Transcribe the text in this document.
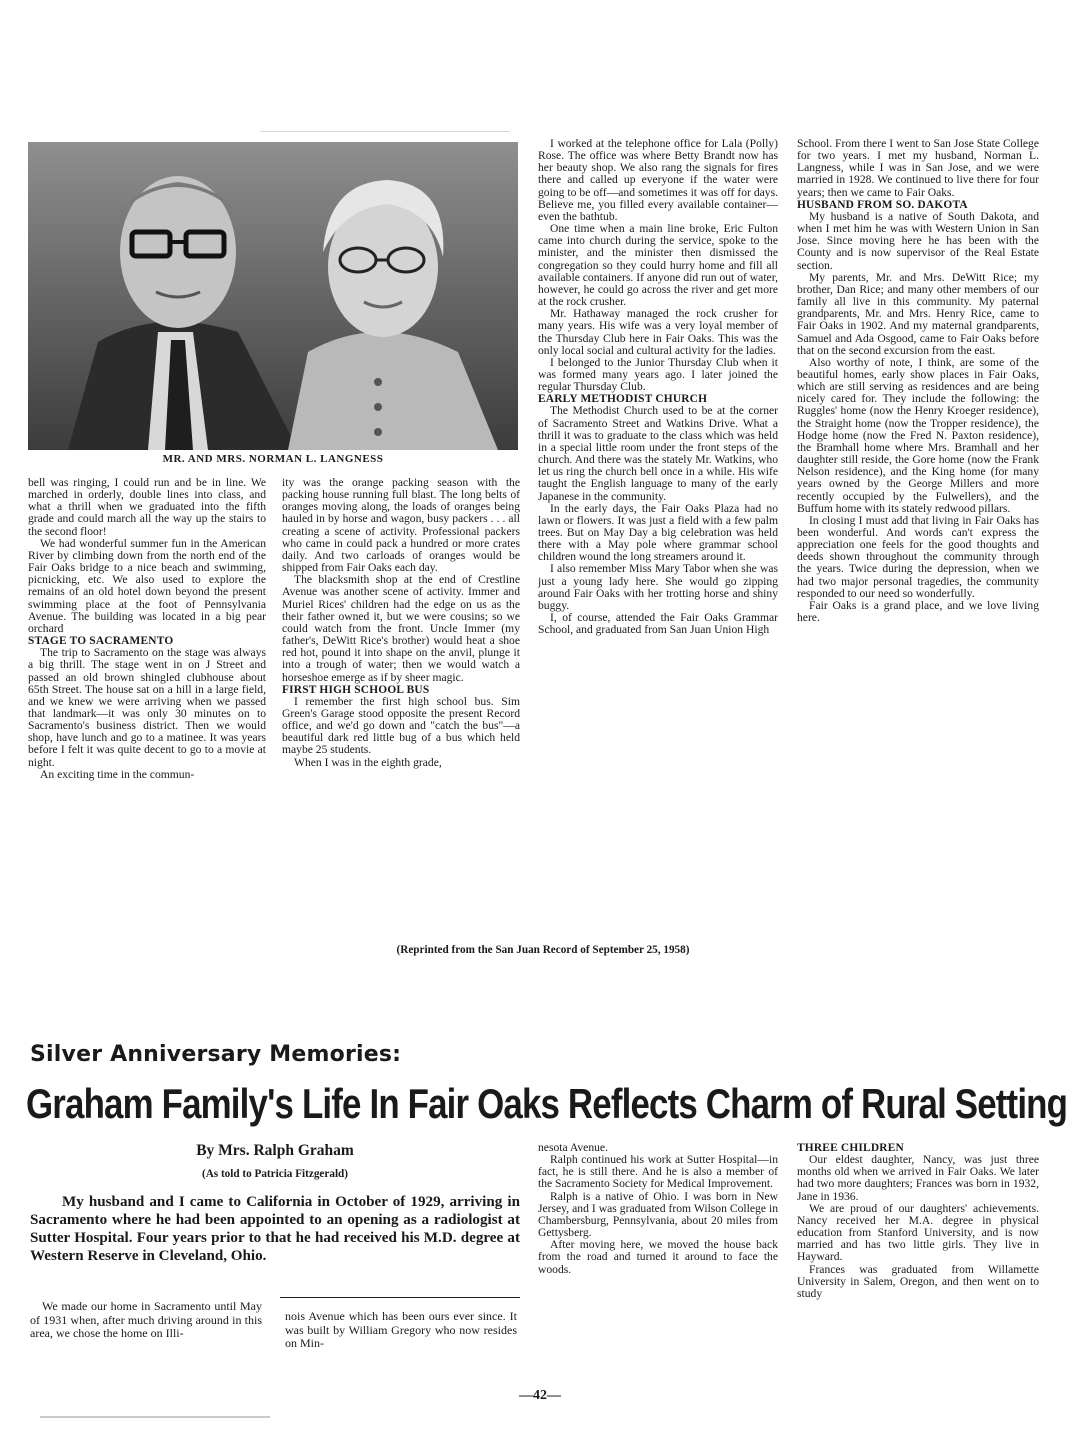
MR. AND MRS. NORMAN L. LANGNESS

bell was ringing, I could run and be in line. We marched in orderly, double lines into class, and what a thrill when we graduated into the fifth grade and could march all the way up the stairs to the second floor!

We had wonderful summer fun in the American River by climbing down from the north end of the Fair Oaks bridge to a nice beach and swimming, picnicking, etc. We also used to explore the remains of an old hotel down beyond the present swimming place at the foot of Pennsylvania Avenue. The building was located in a big pear orchard

STAGE TO SACRAMENTO

The trip to Sacramento on the stage was always a big thrill. The stage went in on J Street and passed an old brown shingled clubhouse about 65th Street. The house sat on a hill in a large field, and we knew we were arriving when we passed that landmark—it was only 30 minutes on to Sacramento's business district. Then we would shop, have lunch and go to a matinee. It was years before I felt it was quite decent to go to a movie at night.

An exciting time in the commun-

ity was the orange packing season with the packing house running full blast. The long belts of oranges moving along, the loads of oranges being hauled in by horse and wagon, busy packers . . . all creating a scene of activity. Professional packers who came in could pack a hundred or more crates daily. And two carloads of oranges would be shipped from Fair Oaks each day.

The blacksmith shop at the end of Crestline Avenue was another scene of activity. Immer and Muriel Rices' children had the edge on us as the their father owned it, but we were cousins; so we could watch from the front. Uncle Immer (my father's, DeWitt Rice's brother) would heat a shoe red hot, pound it into shape on the anvil, plunge it into a trough of water; then we would watch a horseshoe emerge as if by sheer magic.

FIRST HIGH SCHOOL BUS

I remember the first high school bus. Sim Green's Garage stood opposite the present Record office, and we'd go down and "catch the bus"—a beautiful dark red little bug of a bus which held maybe 25 students.

When I was in the eighth grade,

I worked at the telephone office for Lala (Polly) Rose. The office was where Betty Brandt now has her beauty shop. We also rang the signals for fires there and called up everyone if the water were going to be off—and sometimes it was off for days. Believe me, you filled every available container—even the bathtub.

One time when a main line broke, Eric Fulton came into church during the service, spoke to the minister, and the minister then dismissed the congregation so they could hurry home and fill all available containers. If anyone did run out of water, however, he could go across the river and get more at the rock crusher.

Mr. Hathaway managed the rock crusher for many years. His wife was a very loyal member of the Thursday Club here in Fair Oaks. This was the only local social and cultural activity for the ladies.

I belonged to the Junior Thursday Club when it was formed many years ago. I later joined the regular Thursday Club.

EARLY METHODIST CHURCH

The Methodist Church used to be at the corner of Sacramento Street and Watkins Drive. What a thrill it was to graduate to the class which was held in a special little room under the front steps of the church. And there was the stately Mr. Watkins, who let us ring the church bell once in a while. His wife taught the English language to many of the early Japanese in the community.

In the early days, the Fair Oaks Plaza had no lawn or flowers. It was just a field with a few palm trees. But on May Day a big celebration was held there with a May pole where grammar school children wound the long streamers around it.

I also remember Miss Mary Tabor when she was just a young lady here. She would go zipping around Fair Oaks with her trotting horse and shiny buggy.

I, of course, attended the Fair Oaks Grammar School, and graduated from San Juan Union High

School. From there I went to San Jose State College for two years. I met my husband, Norman L. Langness, while I was in San Jose, and we were married in 1928. We continued to live there for four years; then we came to Fair Oaks.

HUSBAND FROM SO. DAKOTA

My husband is a native of South Dakota, and when I met him he was with Western Union in San Jose. Since moving here he has been with the County and is now supervisor of the Real Estate section.

My parents, Mr. and Mrs. DeWitt Rice; my brother, Dan Rice; and many other members of our family all live in this community. My paternal grandparents, Mr. and Mrs. Henry Rice, came to Fair Oaks in 1902. And my maternal grandparents, Samuel and Ada Osgood, came to Fair Oaks before that on the second excursion from the east.

Also worthy of note, I think, are some of the beautiful homes, early show places in Fair Oaks, which are still serving as residences and are being nicely cared for. They include the following: the Ruggles' home (now the Henry Kroeger residence), the Straight home (now the Tropper residence), the Hodge home (now the Fred N. Paxton residence), the Bramhall home where Mrs. Bramhall and her daughter still reside, the Gore home (now the Frank Nelson residence), and the King home (for many years owned by the George Millers and more recently occupied by the Fulwellers), and the Buffum home with its stately redwood pillars.

In closing I must add that living in Fair Oaks has been wonderful. And words can't express the appreciation one feels for the good thoughts and deeds shown throughout the community through the years. Twice during the depression, when we had two major personal tragedies, the community responded to our need so wonderfully.

Fair Oaks is a grand place, and we love living here.

(Reprinted from the San Juan Record of September 25, 1958)
Silver Anniversary Memories:
Graham Family's Life In Fair Oaks Reflects Charm of Rural Setting
By Mrs. Ralph Graham
(As told to Patricia Fitzgerald)

My husband and I came to California in October of 1929, arriving in Sacramento where he had been appointed to an opening as a radiologist at Sutter Hospital. Four years prior to that he had received his M.D. degree at Western Reserve in Cleveland, Ohio.

We made our home in Sacramento until May of 1931 when, after much driving around in this area, we chose the home on Illi-

nois Avenue which has been ours ever since. It was built by William Gregory who now resides on Min-

nesota Avenue.

Ralph continued his work at Sutter Hospital—in fact, he is still there. And he is also a member of the Sacramento Society for Medical Improvement.

Ralph is a native of Ohio. I was born in New Jersey, and I was graduated from Wilson College in Chambersburg, Pennsylvania, about 20 miles from Gettysberg.

After moving here, we moved the house back from the road and turned it around to face the woods.

THREE CHILDREN

Our eldest daughter, Nancy, was just three months old when we arrived in Fair Oaks. We later had two more daughters; Frances was born in 1932, Jane in 1936.

We are proud of our daughters' achievements. Nancy received her M.A. degree in physical education from Stanford University, and is now married and has two little girls. They live in Hayward.

Frances was graduated from Willamette University in Salem, Oregon, and then went on to study

—42—
